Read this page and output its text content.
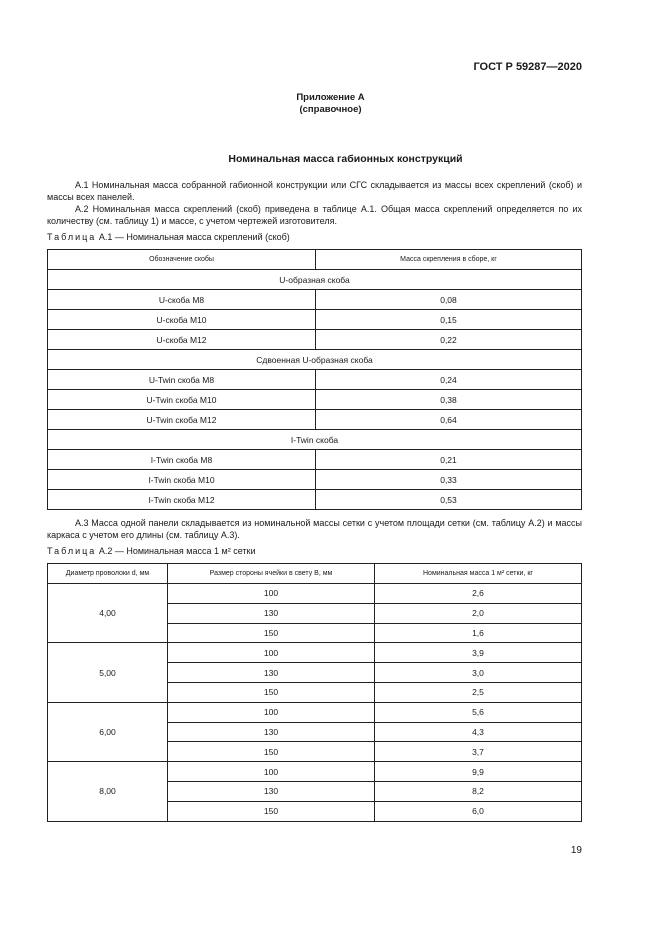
ГОСТ Р 59287—2020
Приложение А
(справочное)
Номинальная масса габионных конструкций
А.1 Номинальная масса собранной габионной конструкции или СГС складывается из массы всех скреплений (скоб) и массы всех панелей.
А.2 Номинальная масса скреплений (скоб) приведена в таблице А.1. Общая масса скреплений определяется по их количеству (см. таблицу 1) и массе, с учетом чертежей изготовителя.
Таблица А.1 — Номинальная масса скреплений (скоб)
Обозначение скобы	Масса скрепления в сборе, кг
U-образная скоба	
U-скоба М8	0,08
U-скоба М10	0,15
U-скоба М12	0,22
Сдвоенная U-образная скоба	
U-Twin скоба М8	0,24
U-Twin скоба М10	0,38
U-Twin скоба М12	0,64
I-Twin скоба	
I-Twin скоба М8	0,21
I-Twin скоба М10	0,33
I-Twin скоба М12	0,53
А.3 Масса одной панели складывается из номинальной массы сетки с учетом площади сетки (см. таблицу А.2) и массы каркаса с учетом его длины (см. таблицу А.3).
Таблица А.2 — Номинальная масса 1 м² сетки
Диаметр проволоки d, мм	Размер стороны ячейки в свету B, мм	Номинальная масса 1 м² сетки, кг
4,00	100	2,6
	130	2,0
	150	1,6
5,00	100	3,9
	130	3,0
	150	2,5
6,00	100	5,6
	130	4,3
	150	3,7
8,00	100	9,9
	130	8,2
	150	6,0
19
